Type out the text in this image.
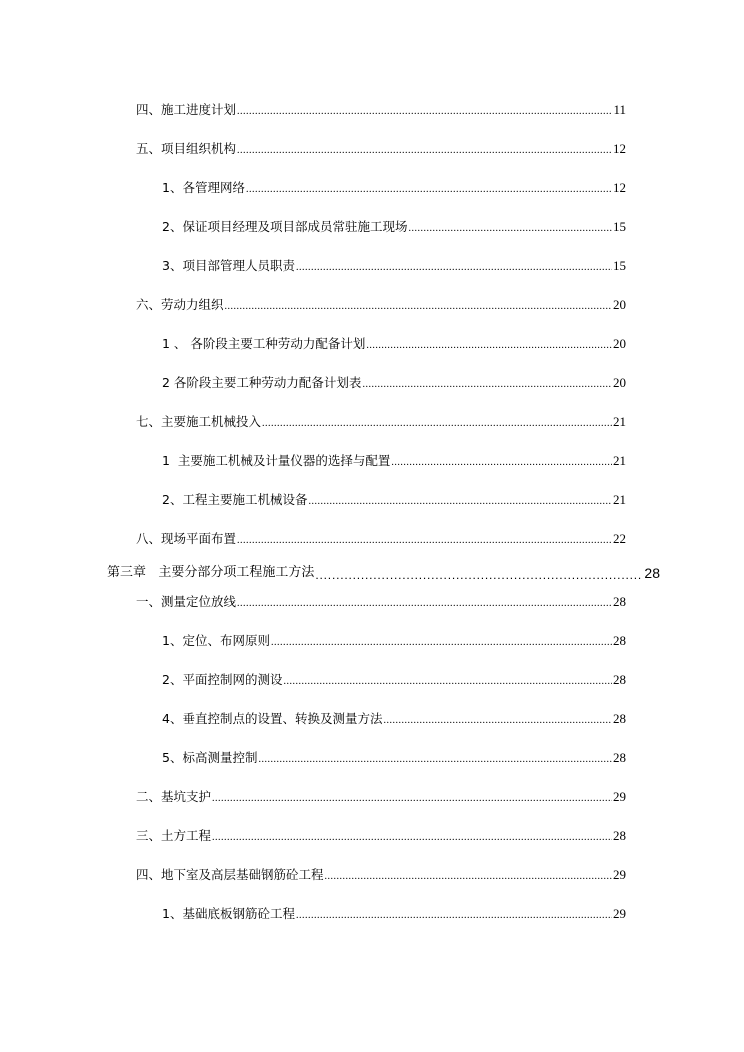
四、施工进度计划 .....	11
五、项目组织机构 .....	12
1、各管理网络 .....	12
2、保证项目经理及项目部成员常驻施工现场 .....	15
3、项目部管理人员职责 .....	15
六、劳动力组织 .....	20
1 、 各阶段主要工种劳动力配备计划 .....	20
2 各阶段主要工种劳动力配备计划表 .....	20
七、主要施工机械投入 .....	21
1  主要施工机械及计量仪器的选择与配置 .....	21
2、工程主要施工机械设备 .....	21
八、现场平面布置 .....	22
第三章   主要分部分项工程施工方法 .....	28
一、测量定位放线 .....	28
1、定位、布网原则 .....	28
2、平面控制网的测设 .....	28
4、垂直控制点的设置、转换及测量方法 .....	28
5、标高测量控制 .....	28
二、基坑支护 .....	29
三、土方工程 .....	28
四、地下室及高层基础钢筋砼工程 .....	29
1、基础底板钢筋砼工程 .....	29
